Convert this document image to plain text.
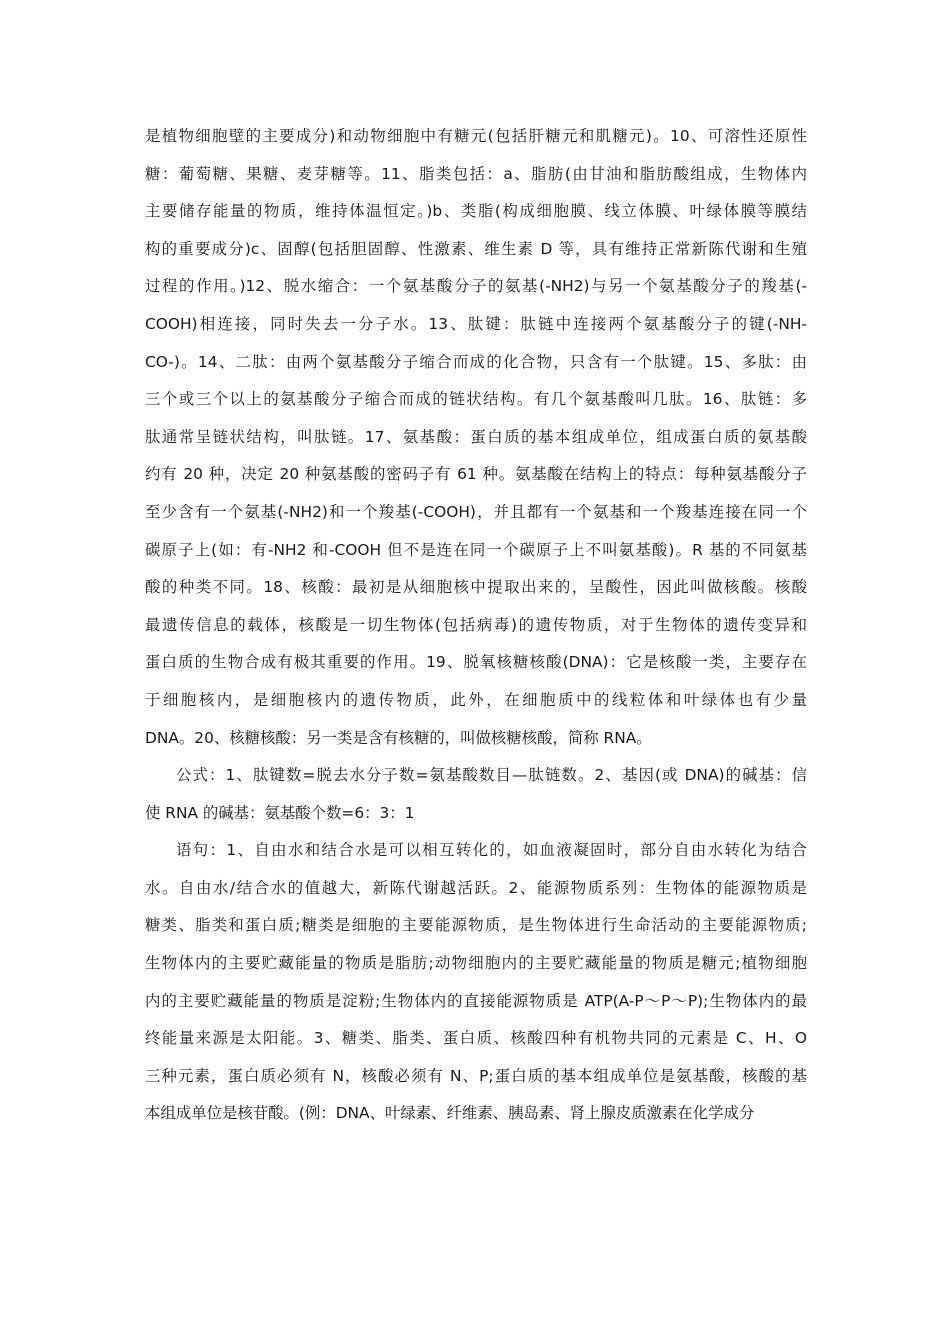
是植物细胞壁的主要成分)和动物细胞中有糖元(包括肝糖元和肌糖元)。10、可溶性还原性
糖：葡萄糖、果糖、麦芽糖等。11、脂类包括：a、脂肪(由甘油和脂肪酸组成，生物体内
主要储存能量的物质，维持体温恒定。)b、类脂(构成细胞膜、线立体膜、叶绿体膜等膜结
构的重要成分)c、固醇(包括胆固醇、性激素、维生素 D 等，具有维持正常新陈代谢和生殖
过程的作用。)12、脱水缩合：一个氨基酸分子的氨基(-NH2)与另一个氨基酸分子的羧基(-
COOH)相连接，同时失去一分子水。13、肽键：肽链中连接两个氨基酸分子的键(-NH-
CO-)。14、二肽：由两个氨基酸分子缩合而成的化合物，只含有一个肽键。15、多肽：由
三个或三个以上的氨基酸分子缩合而成的链状结构。有几个氨基酸叫几肽。16、肽链：多
肽通常呈链状结构，叫肽链。17、氨基酸：蛋白质的基本组成单位，组成蛋白质的氨基酸
约有 20 种，决定 20 种氨基酸的密码子有 61 种。氨基酸在结构上的特点：每种氨基酸分子
至少含有一个氨基(-NH2)和一个羧基(-COOH)，并且都有一个氨基和一个羧基连接在同一个
碳原子上(如：有-NH2 和-COOH 但不是连在同一个碳原子上不叫氨基酸)。R 基的不同氨基
酸的种类不同。18、核酸：最初是从细胞核中提取出来的，呈酸性，因此叫做核酸。核酸
最遗传信息的载体，核酸是一切生物体(包括病毒)的遗传物质，对于生物体的遗传变异和
蛋白质的生物合成有极其重要的作用。19、脱氧核糖核酸(DNA)：它是核酸一类，主要存在
于细胞核内，是细胞核内的遗传物质，此外，在细胞质中的线粒体和叶绿体也有少量
DNA。20、核糖核酸：另一类是含有核糖的，叫做核糖核酸，简称 RNA。
公式：1、肽键数=脱去水分子数=氨基酸数目—肽链数。2、基因(或 DNA)的碱基：信
使 RNA 的碱基：氨基酸个数=6：3：1
语句：1、自由水和结合水是可以相互转化的，如血液凝固时，部分自由水转化为结合
水。自由水/结合水的值越大，新陈代谢越活跃。2、能源物质系列：生物体的能源物质是
糖类、脂类和蛋白质;糖类是细胞的主要能源物质，是生物体进行生命活动的主要能源物质;
生物体内的主要贮藏能量的物质是脂肪;动物细胞内的主要贮藏能量的物质是糖元;植物细胞
内的主要贮藏能量的物质是淀粉;生物体内的直接能源物质是 ATP(A-P～P～P);生物体内的最
终能量来源是太阳能。3、糖类、脂类、蛋白质、核酸四种有机物共同的元素是 C、H、O
三种元素，蛋白质必须有 N，核酸必须有 N、P;蛋白质的基本组成单位是氨基酸，核酸的基
本组成单位是核苷酸。(例：DNA、叶绿素、纤维素、胰岛素、肾上腺皮质激素在化学成分
